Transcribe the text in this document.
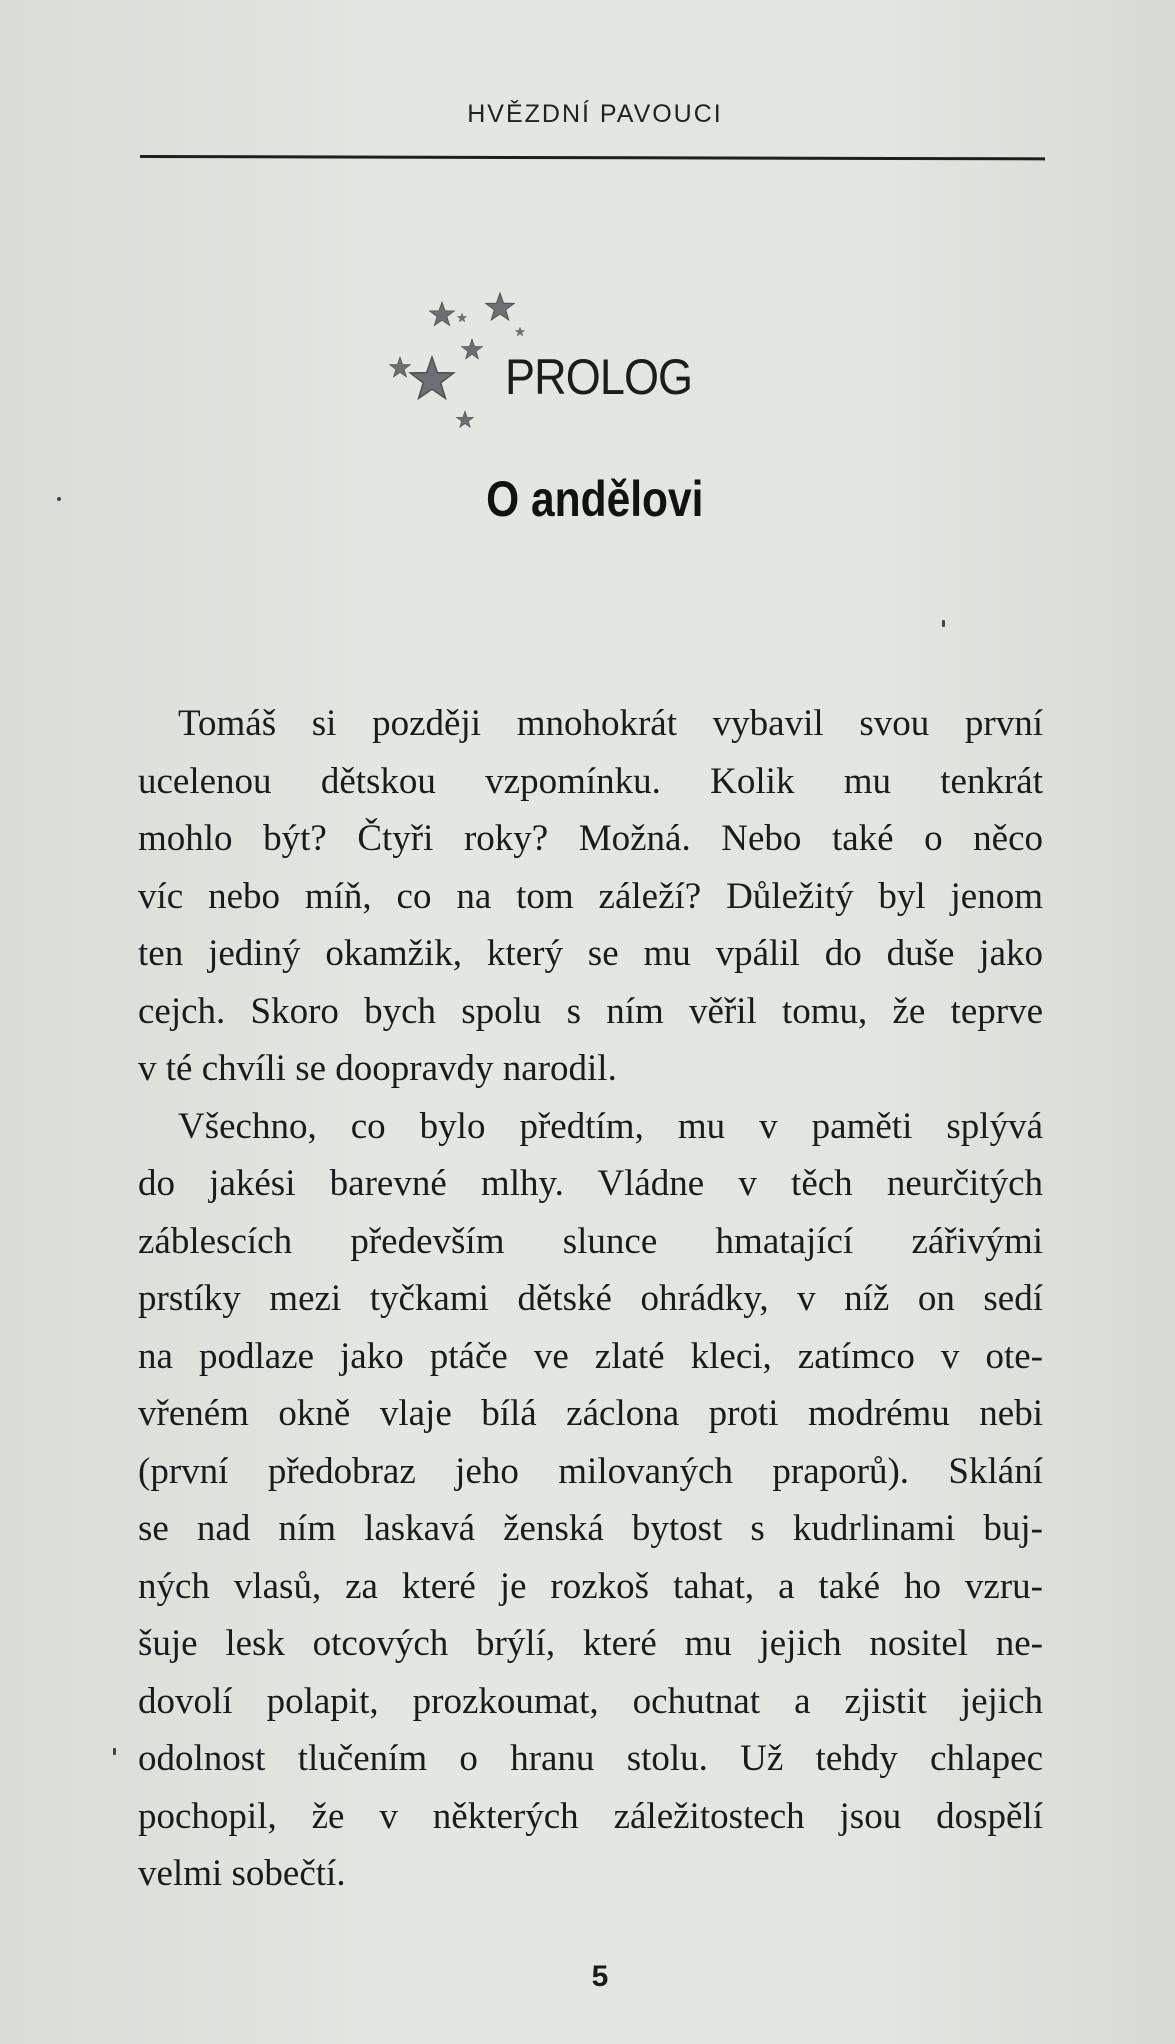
HVĚZDNÍ PAVOUCI
PROLOG
O andělovi
Tomáš si později mnohokrát vybavil svou první
ucelenou dětskou vzpomínku. Kolik mu tenkrát
mohlo být? Čtyři roky? Možná. Nebo také o něco
víc nebo míň, co na tom záleží? Důležitý byl jenom
ten jediný okamžik, který se mu vpálil do duše jako
cejch. Skoro bych spolu s ním věřil tomu, že teprve
v té chvíli se doopravdy narodil.
Všechno, co bylo předtím, mu v paměti splývá
do jakési barevné mlhy. Vládne v těch neurčitých
záblescích především slunce hmatající zářivými
prstíky mezi tyčkami dětské ohrádky, v níž on sedí
na podlaze jako ptáče ve zlaté kleci, zatímco v ote-
vřeném okně vlaje bílá záclona proti modrému nebi
(první předobraz jeho milovaných praporů). Sklání
se nad ním laskavá ženská bytost s kudrlinami buj-
ných vlasů, za které je rozkoš tahat, a také ho vzru-
šuje lesk otcových brýlí, které mu jejich nositel ne-
dovolí polapit, prozkoumat, ochutnat a zjistit jejich
odolnost tlučením o hranu stolu. Už tehdy chlapec
pochopil, že v některých záležitostech jsou dospělí
velmi sobečtí.
5
